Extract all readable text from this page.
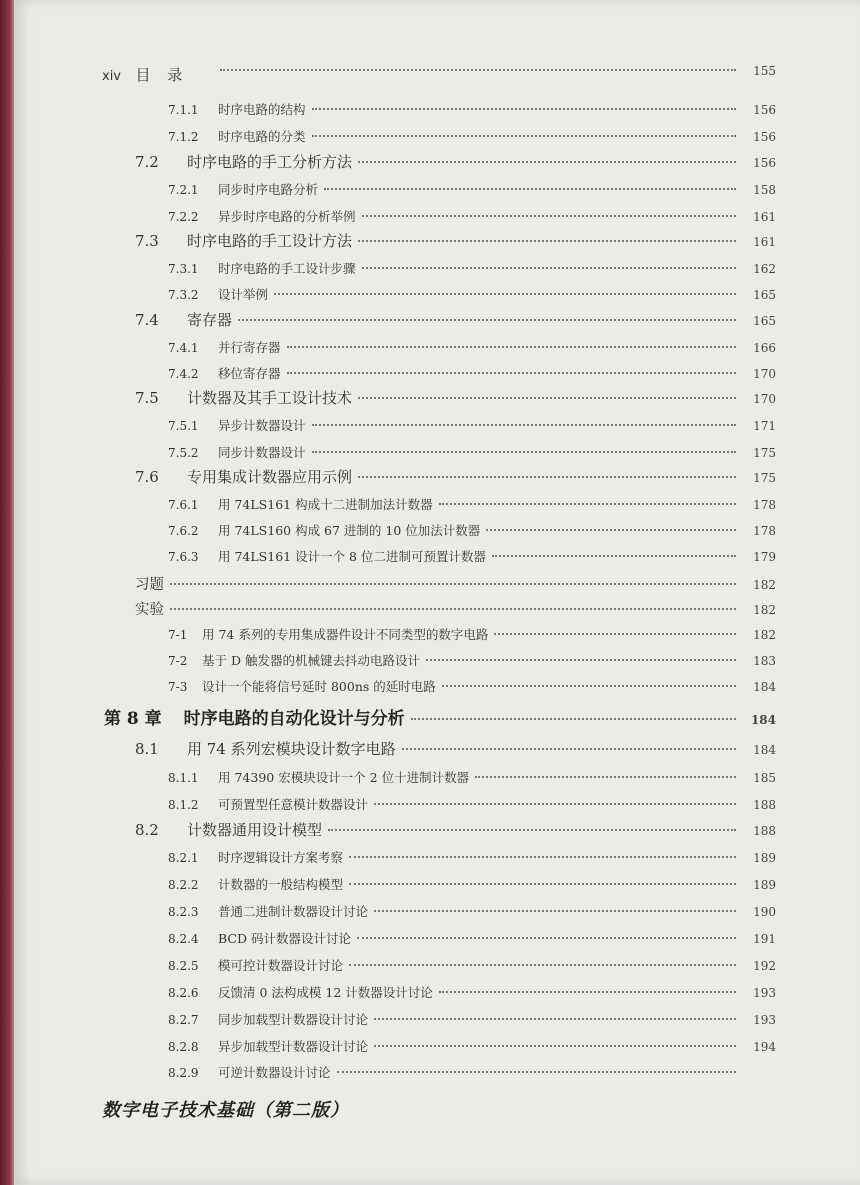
xiv 目 录	155
7.1.1	时序电路的结构	156
7.1.2	时序电路的分类	156
7.2	时序电路的手工分析方法	156
7.2.1	同步时序电路分析	158
7.2.2	异步时序电路的分析举例	161
7.3	时序电路的手工设计方法	161
7.3.1	时序电路的手工设计步骤	162
7.3.2	设计举例	165
7.4	寄存器	165
7.4.1	并行寄存器	166
7.4.2	移位寄存器	170
7.5	计数器及其手工设计技术	170
7.5.1	异步计数器设计	171
7.5.2	同步计数器设计	175
7.6	专用集成计数器应用示例	175
7.6.1	用 74LS161 构成十二进制加法计数器	178
7.6.2	用 74LS160 构成 67 进制的 10 位加法计数器	178
7.6.3	用 74LS161 设计一个 8 位二进制可预置计数器	179
习题	182
实验	182
7-1 用 74 系列的专用集成器件设计不同类型的数字电路	182
7-2 基于 D 触发器的机械键去抖动电路设计	183
7-3 设计一个能将信号延时 800ns 的延时电路	184
第 8 章 时序电路的自动化设计与分析	184
8.1	用 74 系列宏模块设计数字电路	184
8.1.1	用 74390 宏模块设计一个 2 位十进制计数器	185
8.1.2	可预置型任意模计数器设计	188
8.2	计数器通用设计模型	188
8.2.1	时序逻辑设计方案考察	189
8.2.2	计数器的一般结构模型	189
8.2.3	普通二进制计数器设计讨论	190
8.2.4	BCD 码计数器设计讨论	191
8.2.5	模可控计数器设计讨论	192
8.2.6	反馈清 0 法构成模 12 计数器设计讨论	193
8.2.7	同步加载型计数器设计讨论	193
8.2.8	异步加载型计数器设计讨论	194
8.2.9	可逆计数器设计讨论
数字电子技术基础（第二版）
